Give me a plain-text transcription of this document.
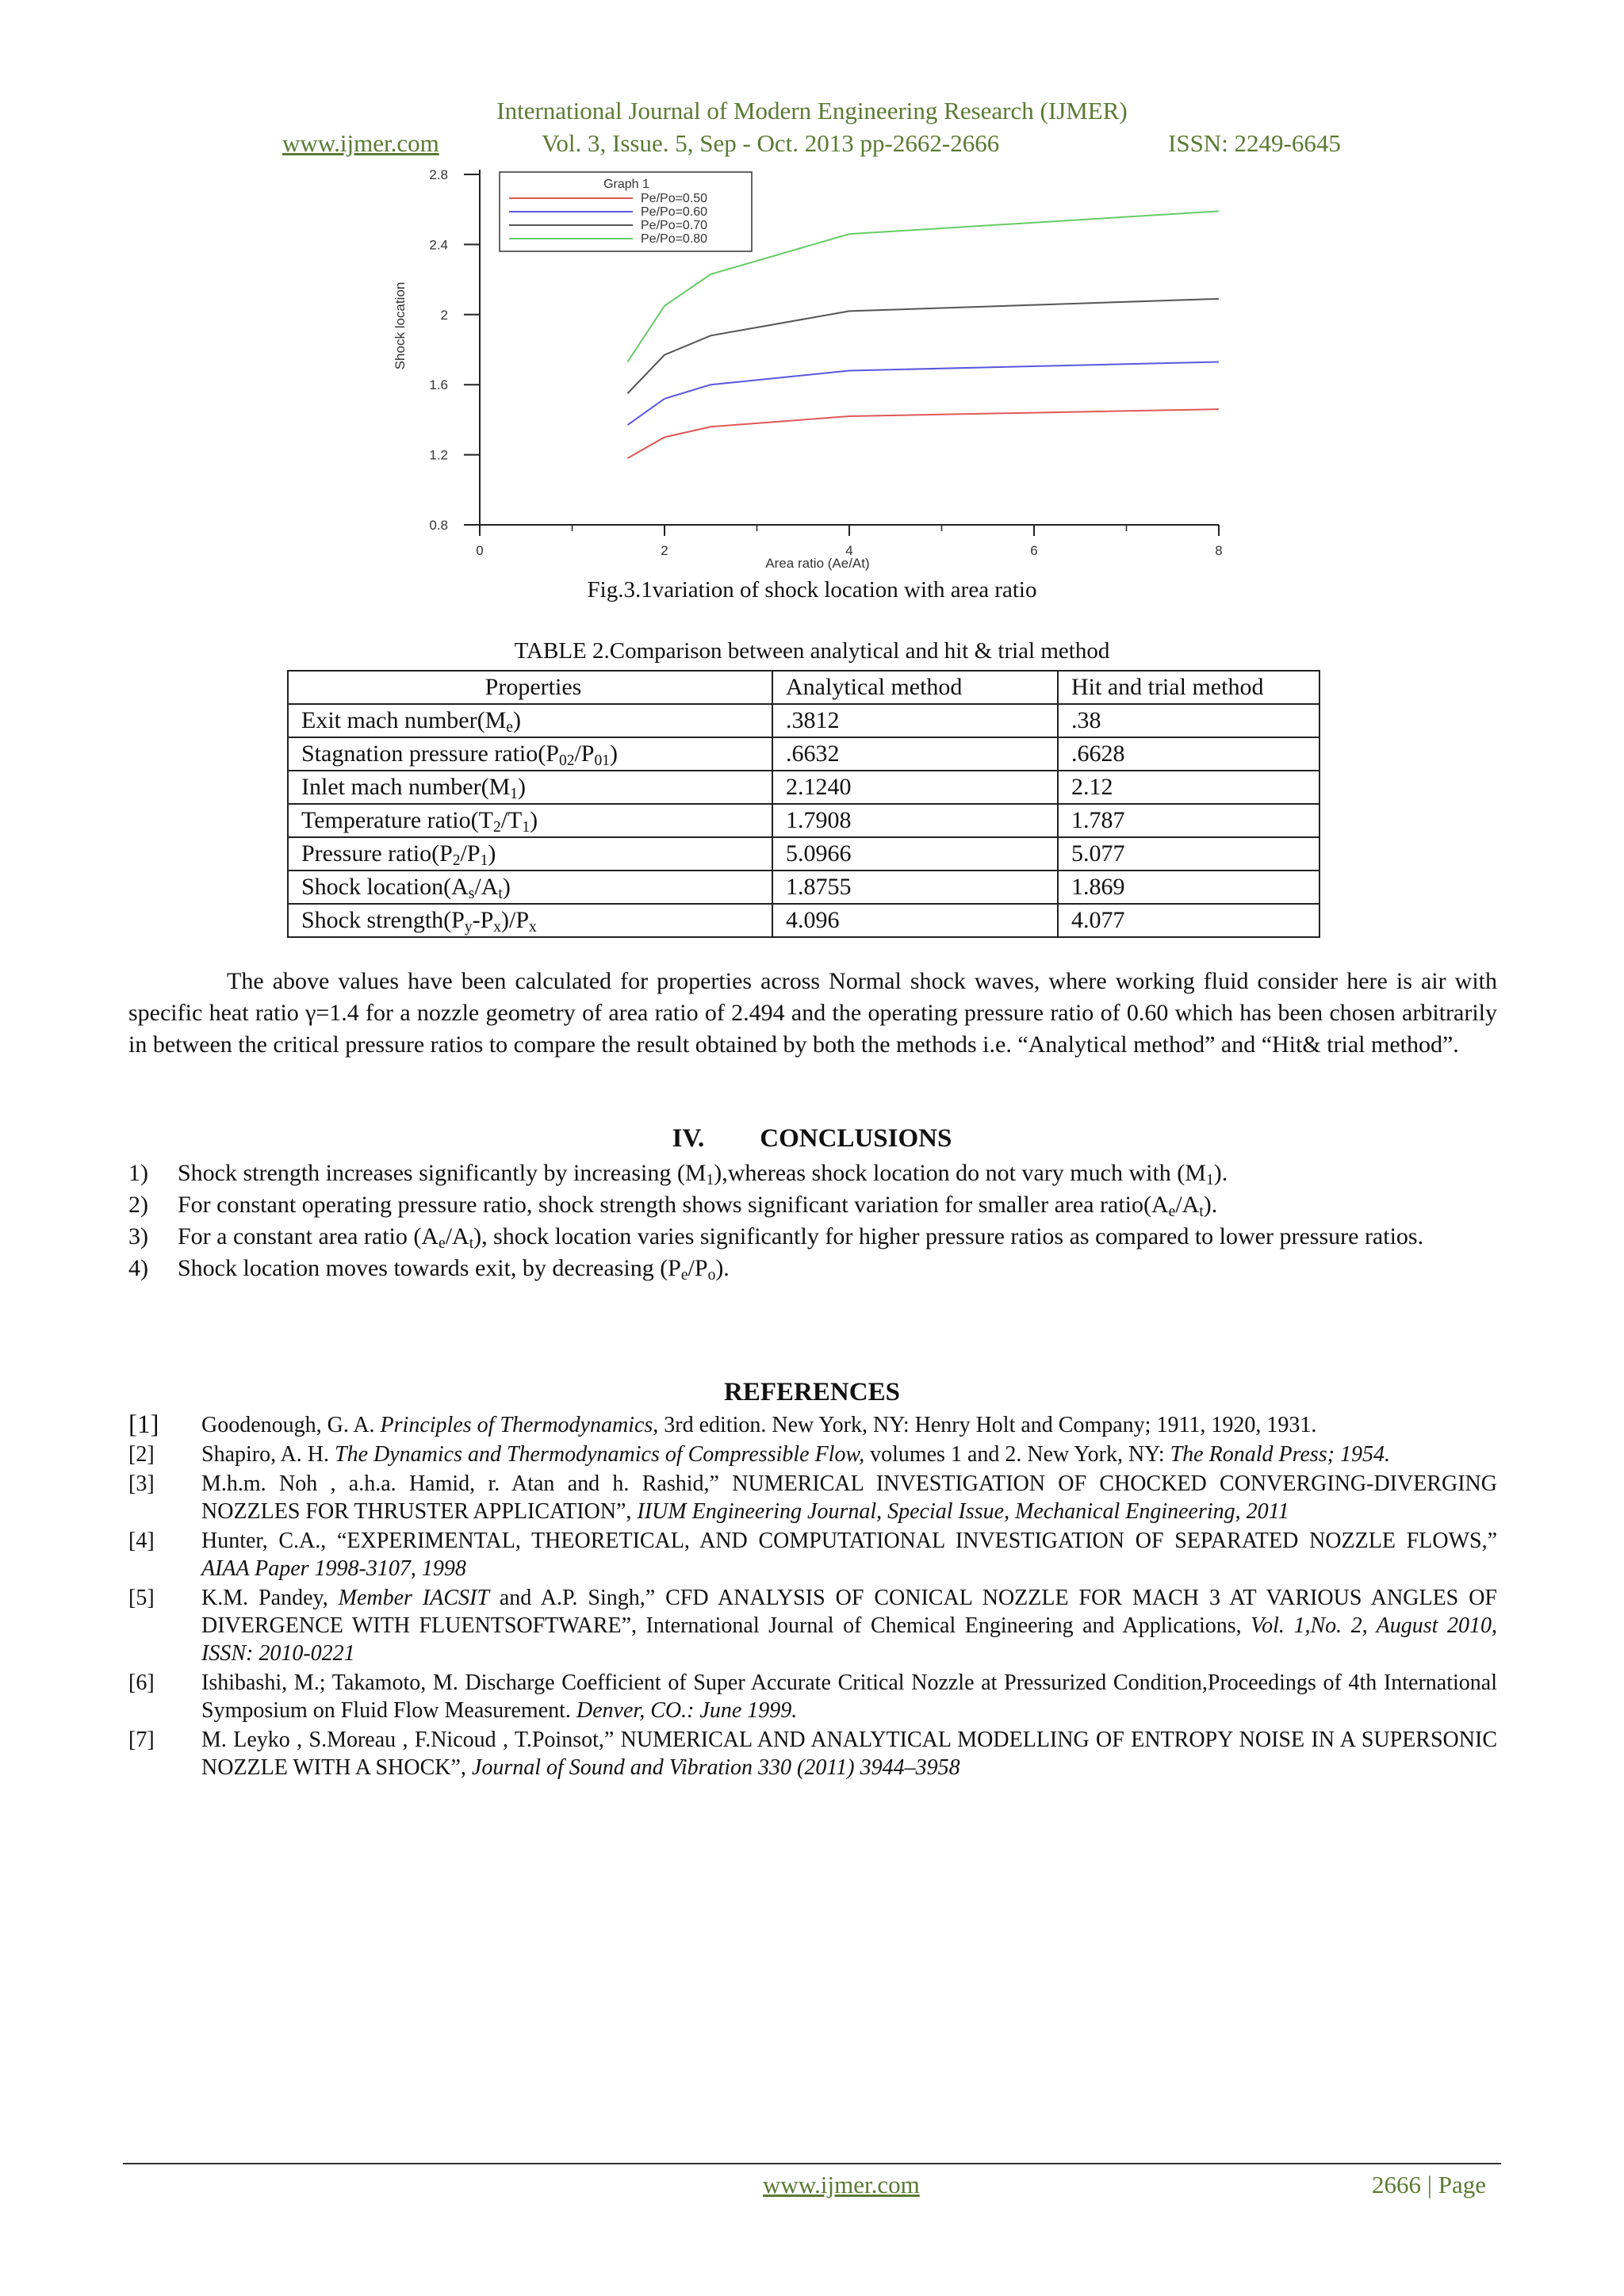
International Journal of Modern Engineering Research (IJMER)
www.ijmer.com	Vol. 3, Issue. 5, Sep - Oct. 2013 pp-2662-2666	ISSN: 2249-6645
0.8
1.2
1.6
2
2.4
2.8
0	2	4	6	8
Area ratio (Ae/At)
Shock location
Graph 1
Pe/Po=0.50
Pe/Po=0.60
Pe/Po=0.70
Pe/Po=0.80
Fig.3.1variation of shock location with area ratio
TABLE 2.Comparison between analytical and hit & trial method
Properties	Analytical method	Hit and trial method
Exit mach $number(M_e)$	.3812	.38
Stagnation pressure $ratio(P_{02}/P_{01})$	.6632	.6628
Inlet mach $number(M_1)$	2.1240	2.12
Temperature $ratio(T_2/T_1)$	1.7908	1.787
Pressure $ratio(P_2/P_1)$	5.0966	5.077
Shock $location(A_s/A_t)$	1.8755	1.869
Shock $strength(P_y-P_x)/P_x$	4.096	4.077
The above values have been calculated for properties across Normal shock waves, where working fluid consider here is air with specific heat ratio γ=1.4 for a nozzle geometry of area ratio of 2.494 and the operating pressure ratio of 0.60 which has been chosen arbitrarily in between the critical pressure ratios to compare the result obtained by both the methods i.e. “Analytical method” and “Hit& trial method”.
IV. CONCLUSIONS
1) Shock strength increases significantly by increasing $(M_1),whereas$ shock location do not vary much with $(M_1)$.
2) For constant operating pressure ratio, shock strength shows significant variation for smaller area $ratio(A_e/A_t)$.
3) For a constant area ratio $(A_e/A_t)$, shock location varies significantly for higher pressure ratios as compared to lower pressure ratios.
4) Shock location moves towards exit, by decreasing $(P_e/P_o)$.
REFERENCES
[1] Goodenough, G. A. Principles of Thermodynamics, 3rd edition. New York, NY: Henry Holt and Company; 1911, 1920, 1931.
[2] Shapiro, A. H. The Dynamics and Thermodynamics of Compressible Flow, volumes 1 and 2. New York, NY: The Ronald Press; 1954.
[3] M.h.m. Noh , a.h.a. Hamid, r. Atan and h. Rashid,” NUMERICAL INVESTIGATION OF CHOCKED CONVERGING-DIVERGING NOZZLES FOR THRUSTER APPLICATION”, IIUM Engineering Journal, Special Issue, Mechanical Engineering, 2011
[4] Hunter, C.A., “EXPERIMENTAL, THEORETICAL, AND COMPUTATIONAL INVESTIGATION OF SEPARATED NOZZLE FLOWS,” AIAA Paper 1998-3107, 1998
[5] K.M. Pandey, Member IACSIT and A.P. Singh,” CFD ANALYSIS OF CONICAL NOZZLE FOR MACH 3 AT VARIOUS ANGLES OF DIVERGENCE WITH FLUENTSOFTWARE”, International Journal of Chemical Engineering and Applications, Vol. 1,No. 2, August 2010, ISSN: 2010-0221
[6] Ishibashi, M.; Takamoto, M. Discharge Coefficient of Super Accurate Critical Nozzle at Pressurized Condition,Proceedings of 4th International Symposium on Fluid Flow Measurement. Denver, CO.: June 1999.
[7] M. Leyko , S.Moreau , F.Nicoud , T.Poinsot,” NUMERICAL AND ANALYTICAL MODELLING OF ENTROPY NOISE IN A SUPERSONIC NOZZLE WITH A SHOCK”, Journal of Sound and Vibration 330 (2011) 3944–3958
www.ijmer.com	2666 | Page
